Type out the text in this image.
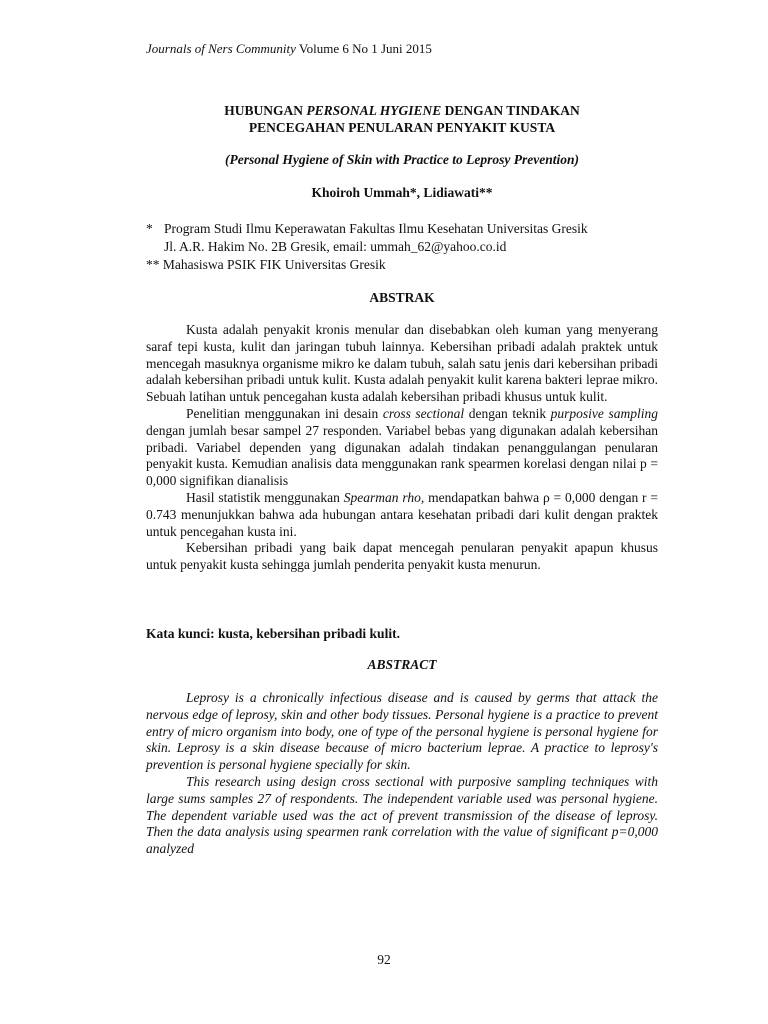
Journals of Ners Community Volume 6 No 1 Juni 2015
HUBUNGAN PERSONAL HYGIENE DENGAN TINDAKAN
PENCEGAHAN PENULARAN PENYAKIT KUSTA
(Personal Hygiene of Skin with Practice to Leprosy Prevention)
Khoiroh Ummah*, Lidiawati**
* Program Studi Ilmu Keperawatan Fakultas Ilmu Kesehatan Universitas Gresik
Jl. A.R. Hakim No. 2B Gresik, email: ummah_62@yahoo.co.id
** Mahasiswa PSIK FIK Universitas Gresik
ABSTRAK

Kusta adalah penyakit kronis menular dan disebabkan oleh kuman yang menyerang saraf tepi kusta, kulit dan jaringan tubuh lainnya. Kebersihan pribadi adalah praktek untuk mencegah masuknya organisme mikro ke dalam tubuh, salah satu jenis dari kebersihan pribadi adalah kebersihan pribadi untuk kulit. Kusta adalah penyakit kulit karena bakteri leprae mikro. Sebuah latihan untuk pencegahan kusta adalah kebersihan pribadi khusus untuk kulit.

Penelitian menggunakan ini desain cross sectional dengan teknik purposive sampling dengan jumlah besar sampel 27 responden. Variabel bebas yang digunakan adalah kebersihan pribadi. Variabel dependen yang digunakan adalah tindakan penanggulangan penularan penyakit kusta. Kemudian analisis data menggunakan rank spearmen korelasi dengan nilai p = 0,000 signifikan dianalisis

Hasil statistik menggunakan Spearman rho, mendapatkan bahwa ρ = 0,000 dengan r = 0.743 menunjukkan bahwa ada hubungan antara kesehatan pribadi dari kulit dengan praktek untuk pencegahan kusta ini.

Kebersihan pribadi yang baik dapat mencegah penularan penyakit apapun khusus untuk penyakit kusta sehingga jumlah penderita penyakit kusta menurun.

Kata kunci: kusta, kebersihan pribadi kulit.
ABSTRACT

Leprosy is a chronically infectious disease and is caused by germs that attack the nervous edge of leprosy, skin and other body tissues. Personal hygiene is a practice to prevent entry of micro organism into body, one of type of the personal hygiene is personal hygiene for skin. Leprosy is a skin disease because of micro bacterium leprae. A practice to leprosy's prevention is personal hygiene specially for skin.

This research using design cross sectional with purposive sampling techniques with large sums samples 27 of respondents. The independent variable used was personal hygiene. The dependent variable used was the act of prevent transmission of the disease of leprosy. Then the data analysis using spearmen rank correlation with the value of significant p=0,000 analyzed

92
